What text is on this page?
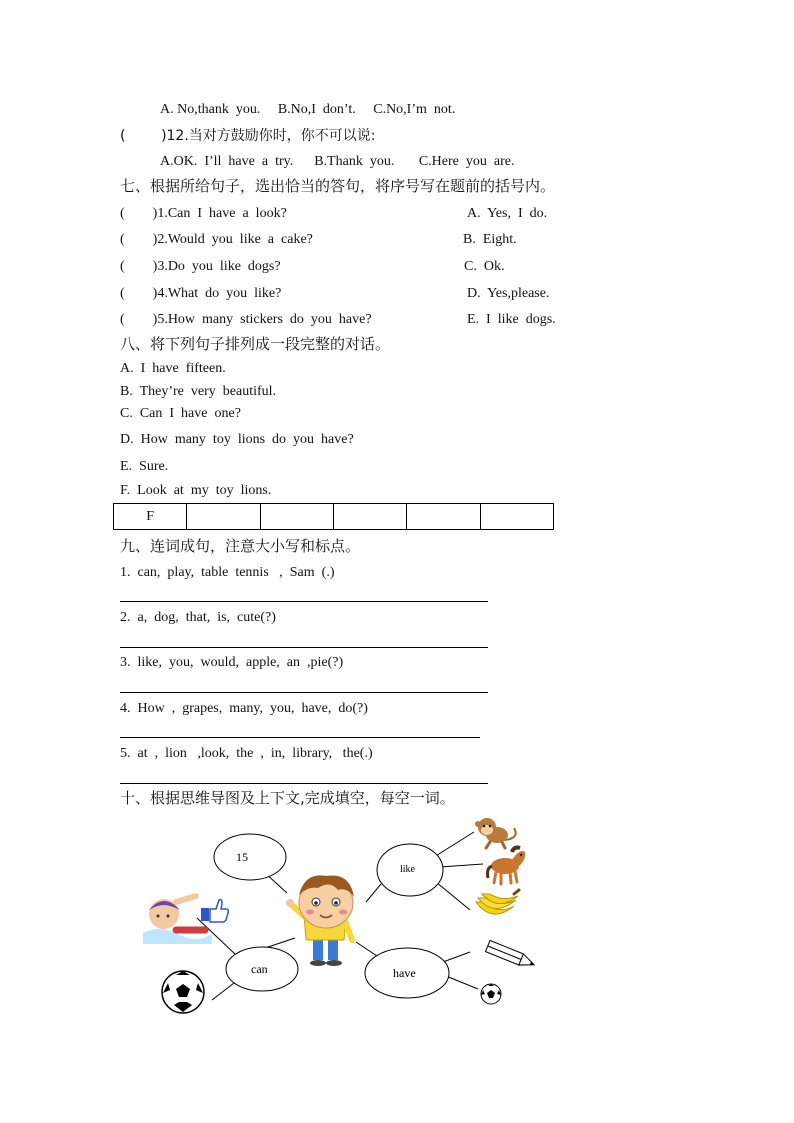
A. No,thank  you.     B.No,I  don’t.     C.No,I’m  not.
(        )12.当对方鼓励你时，你不可以说:
A.OK.  I’ll  have  a  try.      B.Thank  you.       C.Here  you  are.
七、根据所给句子，选出恰当的答句，将序号写在题前的括号内。
(        )1.Can  I  have  a  look?	A.  Yes,  I  do.
(        )2.Would  you  like  a  cake?	B.  Eight.
(        )3.Do  you  like  dogs?	C.  Ok.
(        )4.What  do  you  like?	D.  Yes,please.
(        )5.How  many  stickers  do  you  have?	E.  I  like  dogs.
八、将下列句子排列成一段完整的对话。
A.  I  have  fifteen.
B.  They’re  very  beautiful.
C.  Can  I  have  one?
D.  How  many  toy  lions  do  you  have?
E.  Sure.
F.  Look  at  my  toy  lions.
F					
九、连词成句，注意大小写和标点。
1.  can,  play,  table  tennis   ,  Sam  (.)
2.  a,  dog,  that,  is,  cute(?)
3.  like,  you,  would,  apple,  an  ,pie(?)
4.  How  ,  grapes,  many,  you,  have,  do(?)
5.  at  ,  lion   ,look,  the  ,  in,  library,   the(.)
十、根据思维导图及上下文,完成填空，每空一词。
15
like
can	have
